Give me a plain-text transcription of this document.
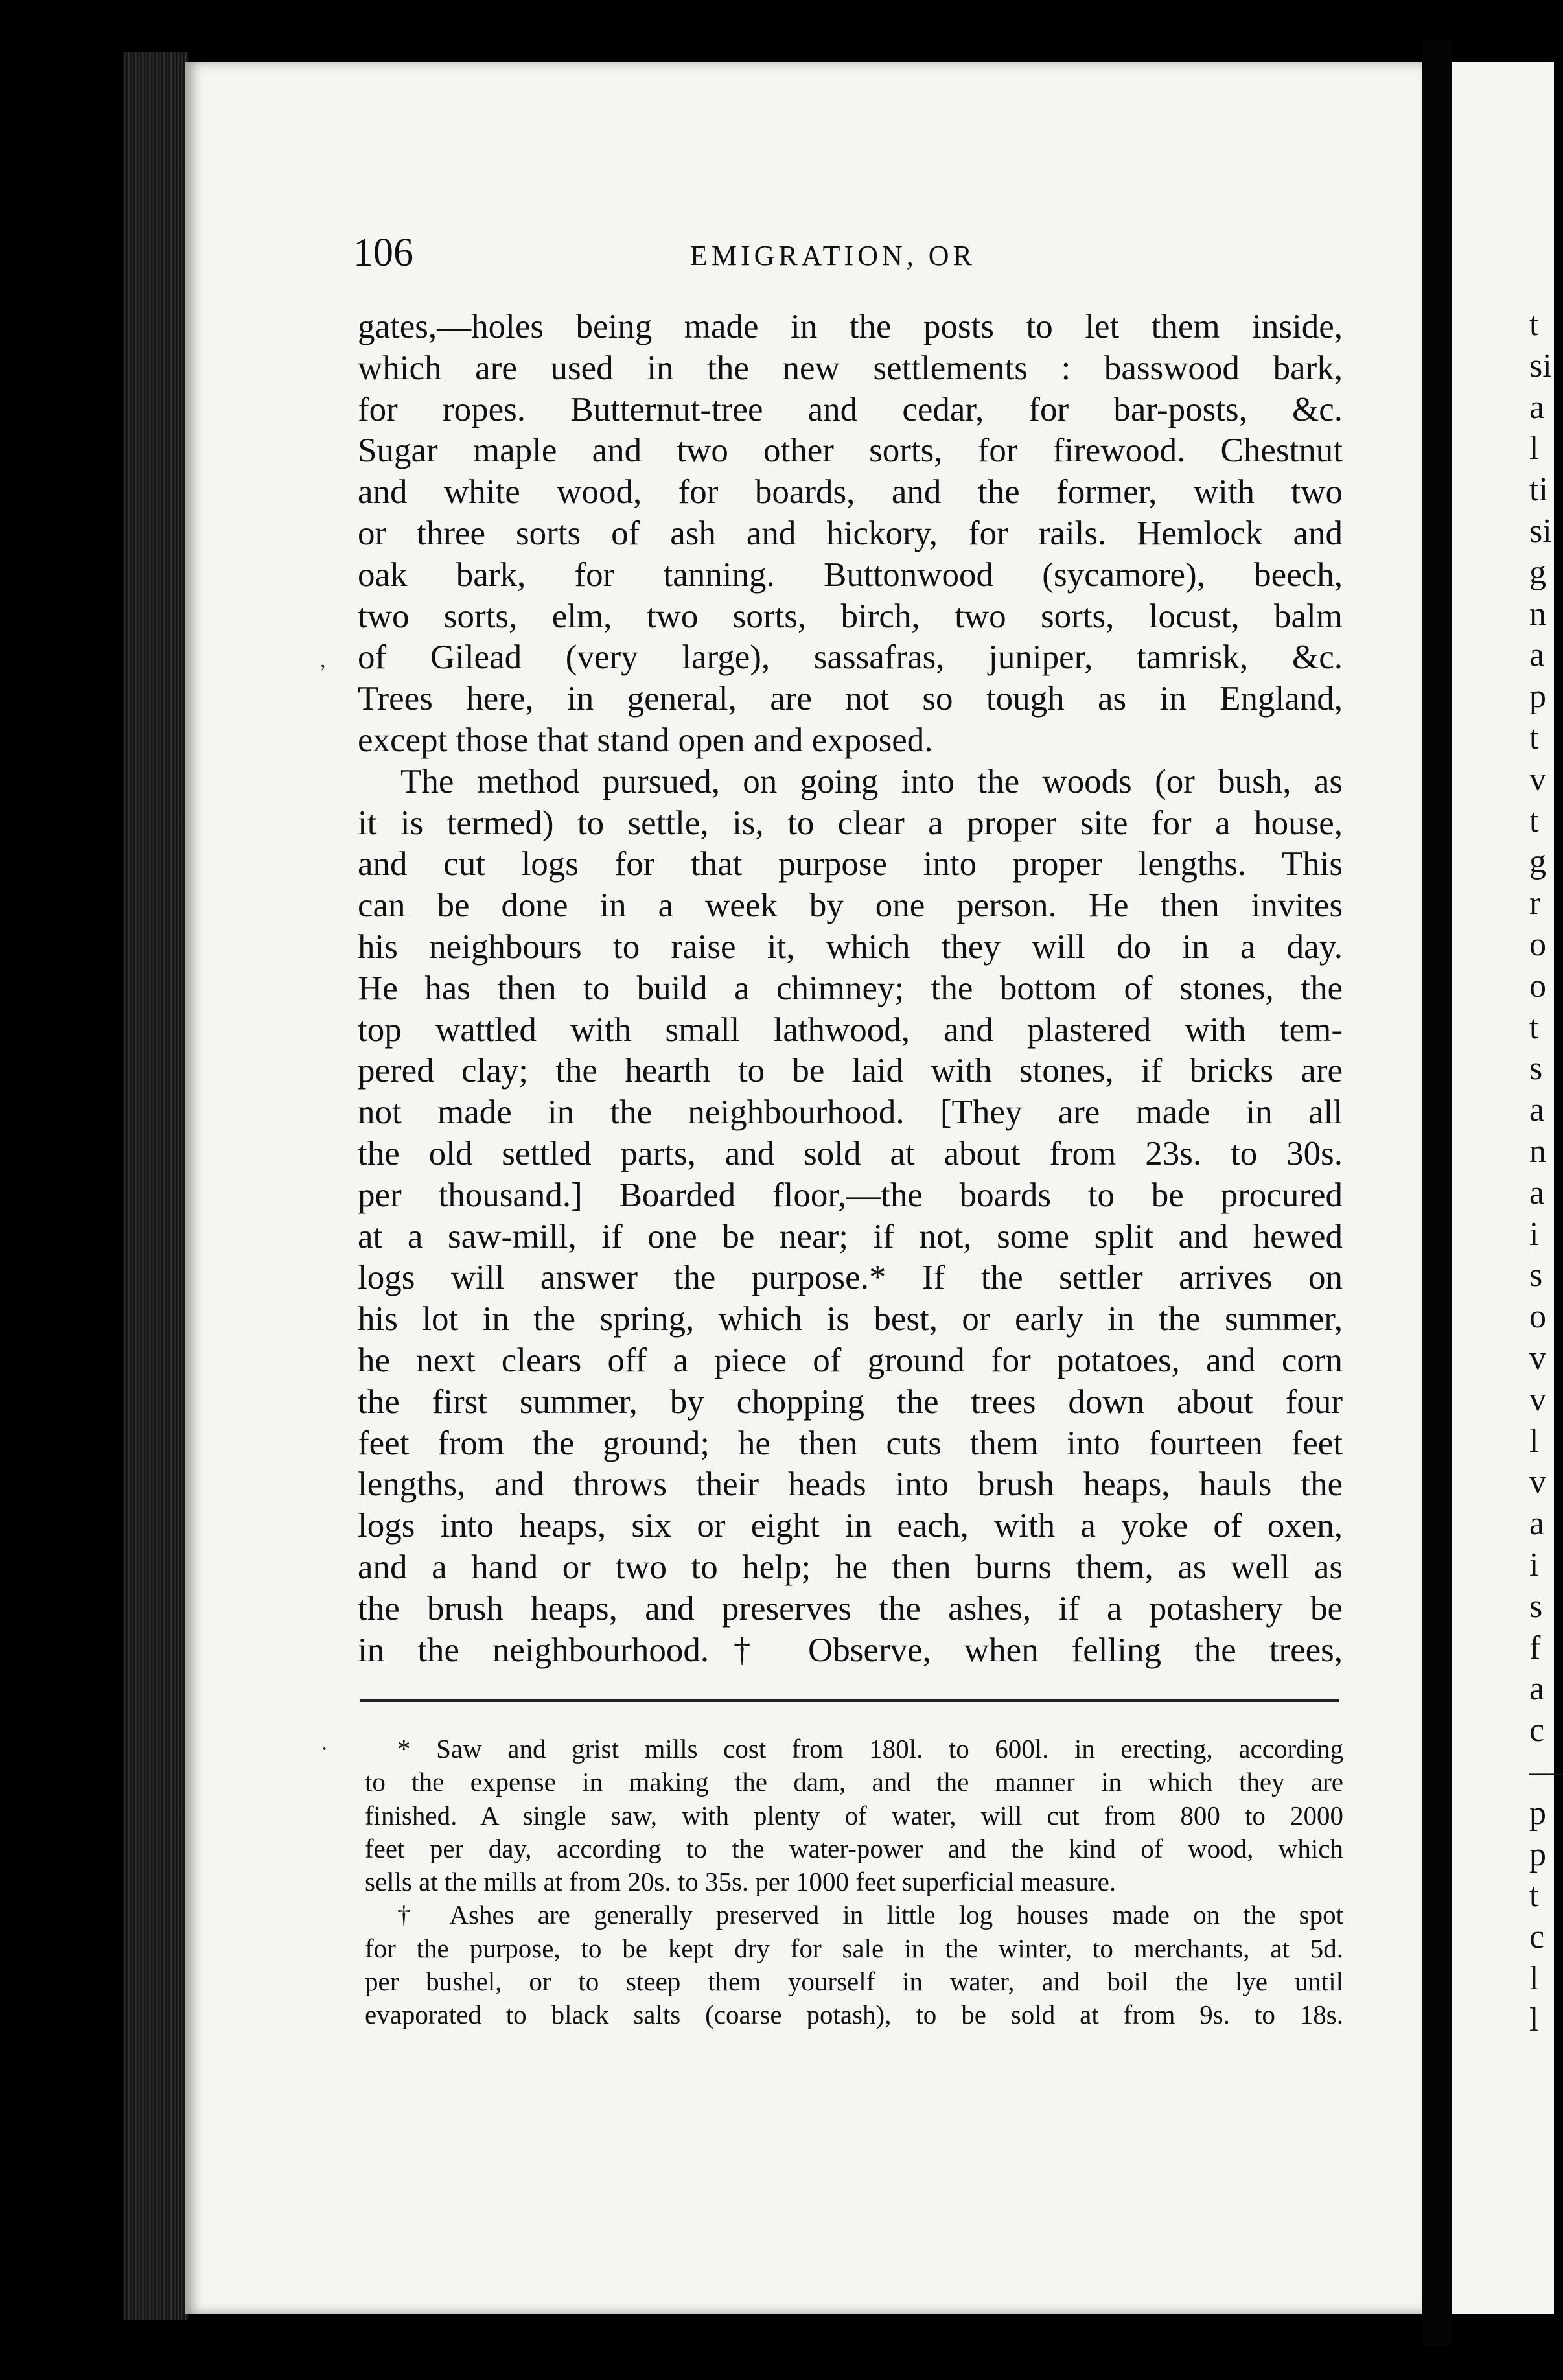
t
si
a
l
ti
si
g
n
a
p
t
v
t
g
r
o
o
t
s
a
n
a
i
s
o
v
v
l
v
a
i
s
f
a
c
—
p
p
t
c
l
l
106	EMIGRATION, OR
gates,—holes being made in the posts to let them inside,
which are used in the new settlements : basswood bark,
for ropes. Butternut-tree and cedar, for bar-posts, &c.
Sugar maple and two other sorts, for firewood. Chestnut
and white wood, for boards, and the former, with two
or three sorts of ash and hickory, for rails. Hemlock and
oak bark, for tanning. Buttonwood (sycamore), beech,
two sorts, elm, two sorts, birch, two sorts, locust, balm
of Gilead (very large), sassafras, juniper, tamrisk, &c.
Trees here, in general, are not so tough as in England,
except those that stand open and exposed.
The method pursued, on going into the woods (or bush, as
it is termed) to settle, is, to clear a proper site for a house,
and cut logs for that purpose into proper lengths. This
can be done in a week by one person. He then invites
his neighbours to raise it, which they will do in a day.
He has then to build a chimney; the bottom of stones, the
top wattled with small lathwood, and plastered with tem-
pered clay; the hearth to be laid with stones, if bricks are
not made in the neighbourhood. [They are made in all
the old settled parts, and sold at about from 23s. to 30s.
per thousand.] Boarded floor,—the boards to be procured
at a saw-mill, if one be near; if not, some split and hewed
logs will answer the purpose.* If the settler arrives on
his lot in the spring, which is best, or early in the summer,
he next clears off a piece of ground for potatoes, and corn
the first summer, by chopping the trees down about four
feet from the ground; he then cuts them into fourteen feet
lengths, and throws their heads into brush heaps, hauls the
logs into heaps, six or eight in each, with a yoke of oxen,
and a hand or two to help; he then burns them, as well as
the brush heaps, and preserves the ashes, if a potashery be
in the neighbourhood.† Observe, when felling the trees,
* Saw and grist mills cost from 180l. to 600l. in erecting, according
to the expense in making the dam, and the manner in which they are
finished. A single saw, with plenty of water, will cut from 800 to 2000
feet per day, according to the water-power and the kind of wood, which
sells at the mills at from 20s. to 35s. per 1000 feet superficial measure.
† Ashes are generally preserved in little log houses made on the spot
for the purpose, to be kept dry for sale in the winter, to merchants, at 5d.
per bushel, or to steep them yourself in water, and boil the lye until
evaporated to black salts (coarse potash), to be sold at from 9s. to 18s.
,
·
